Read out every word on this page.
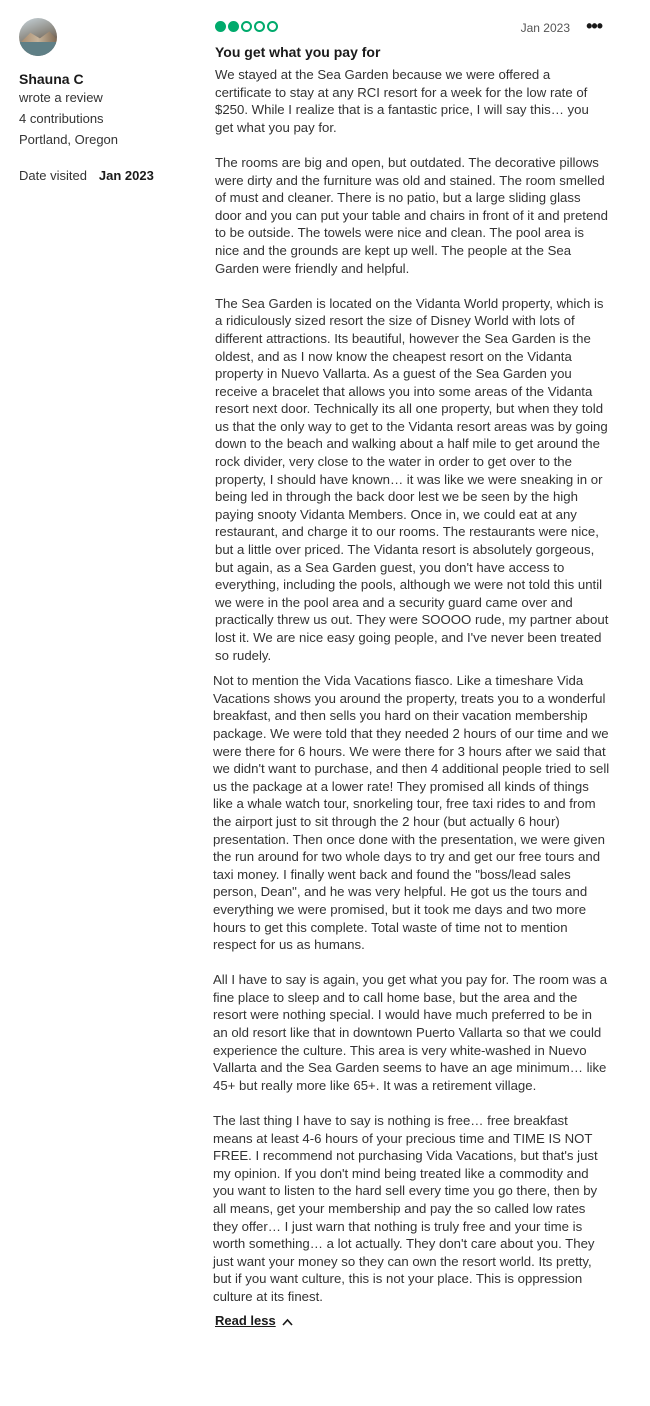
Shauna C
wrote a review
4 contributions
Portland, Oregon
Date visited Jan 2023
Jan 2023 •••
You get what you pay for

We stayed at the Sea Garden because we were offered a certificate to stay at any RCI resort for a week for the low rate of $250. While I realize that is a fantastic price, I will say this… you get what you pay for.

The rooms are big and open, but outdated. The decorative pillows were dirty and the furniture was old and stained. The room smelled of must and cleaner. There is no patio, but a large sliding glass door and you can put your table and chairs in front of it and pretend to be outside. The towels were nice and clean. The pool area is nice and the grounds are kept up well. The people at the Sea Garden were friendly and helpful.

The Sea Garden is located on the Vidanta World property, which is a ridiculously sized resort the size of Disney World with lots of different attractions. Its beautiful, however the Sea Garden is the oldest, and as I now know the cheapest resort on the Vidanta property in Nuevo Vallarta. As a guest of the Sea Garden you receive a bracelet that allows you into some areas of the Vidanta resort next door. Technically its all one property, but when they told us that the only way to get to the Vidanta resort areas was by going down to the beach and walking about a half mile to get around the rock divider, very close to the water in order to get over to the property, I should have known… it was like we were sneaking in or being led in through the back door lest we be seen by the high paying snooty Vidanta Members. Once in, we could eat at any restaurant, and charge it to our rooms. The restaurants were nice, but a little over priced. The Vidanta resort is absolutely gorgeous, but again, as a Sea Garden guest, you don't have access to everything, including the pools, although we were not told this until we were in the pool area and a security guard came over and practically threw us out. They were SOOOO rude, my partner about lost it. We are nice easy going people, and I've never been treated so rudely.

Not to mention the Vida Vacations fiasco. Like a timeshare Vida Vacations shows you around the property, treats you to a wonderful breakfast, and then sells you hard on their vacation membership package. We were told that they needed 2 hours of our time and we were there for 6 hours. We were there for 3 hours after we said that we didn't want to purchase, and then 4 additional people tried to sell us the package at a lower rate! They promised all kinds of things like a whale watch tour, snorkeling tour, free taxi rides to and from the airport just to sit through the 2 hour (but actually 6 hour) presentation. Then once done with the presentation, we were given the run around for two whole days to try and get our free tours and taxi money. I finally went back and found the "boss/lead sales person, Dean", and he was very helpful. He got us the tours and everything we were promised, but it took me days and two more hours to get this complete. Total waste of time not to mention respect for us as humans.

All I have to say is again, you get what you pay for. The room was a fine place to sleep and to call home base, but the area and the resort were nothing special. I would have much preferred to be in an old resort like that in downtown Puerto Vallarta so that we could experience the culture. This area is very white-washed in Nuevo Vallarta and the Sea Garden seems to have an age minimum… like 45+ but really more like 65+. It was a retirement village.

The last thing I have to say is nothing is free… free breakfast means at least 4-6 hours of your precious time and TIME IS NOT FREE. I recommend not purchasing Vida Vacations, but that's just my opinion. If you don't mind being treated like a commodity and you want to listen to the hard sell every time you go there, then by all means, get your membership and pay the so called low rates they offer… I just warn that nothing is truly free and your time is worth something… a lot actually. They don't care about you. They just want your money so they can own the resort world. Its pretty, but if you want culture, this is not your place. This is oppression culture at its finest.

Read less
